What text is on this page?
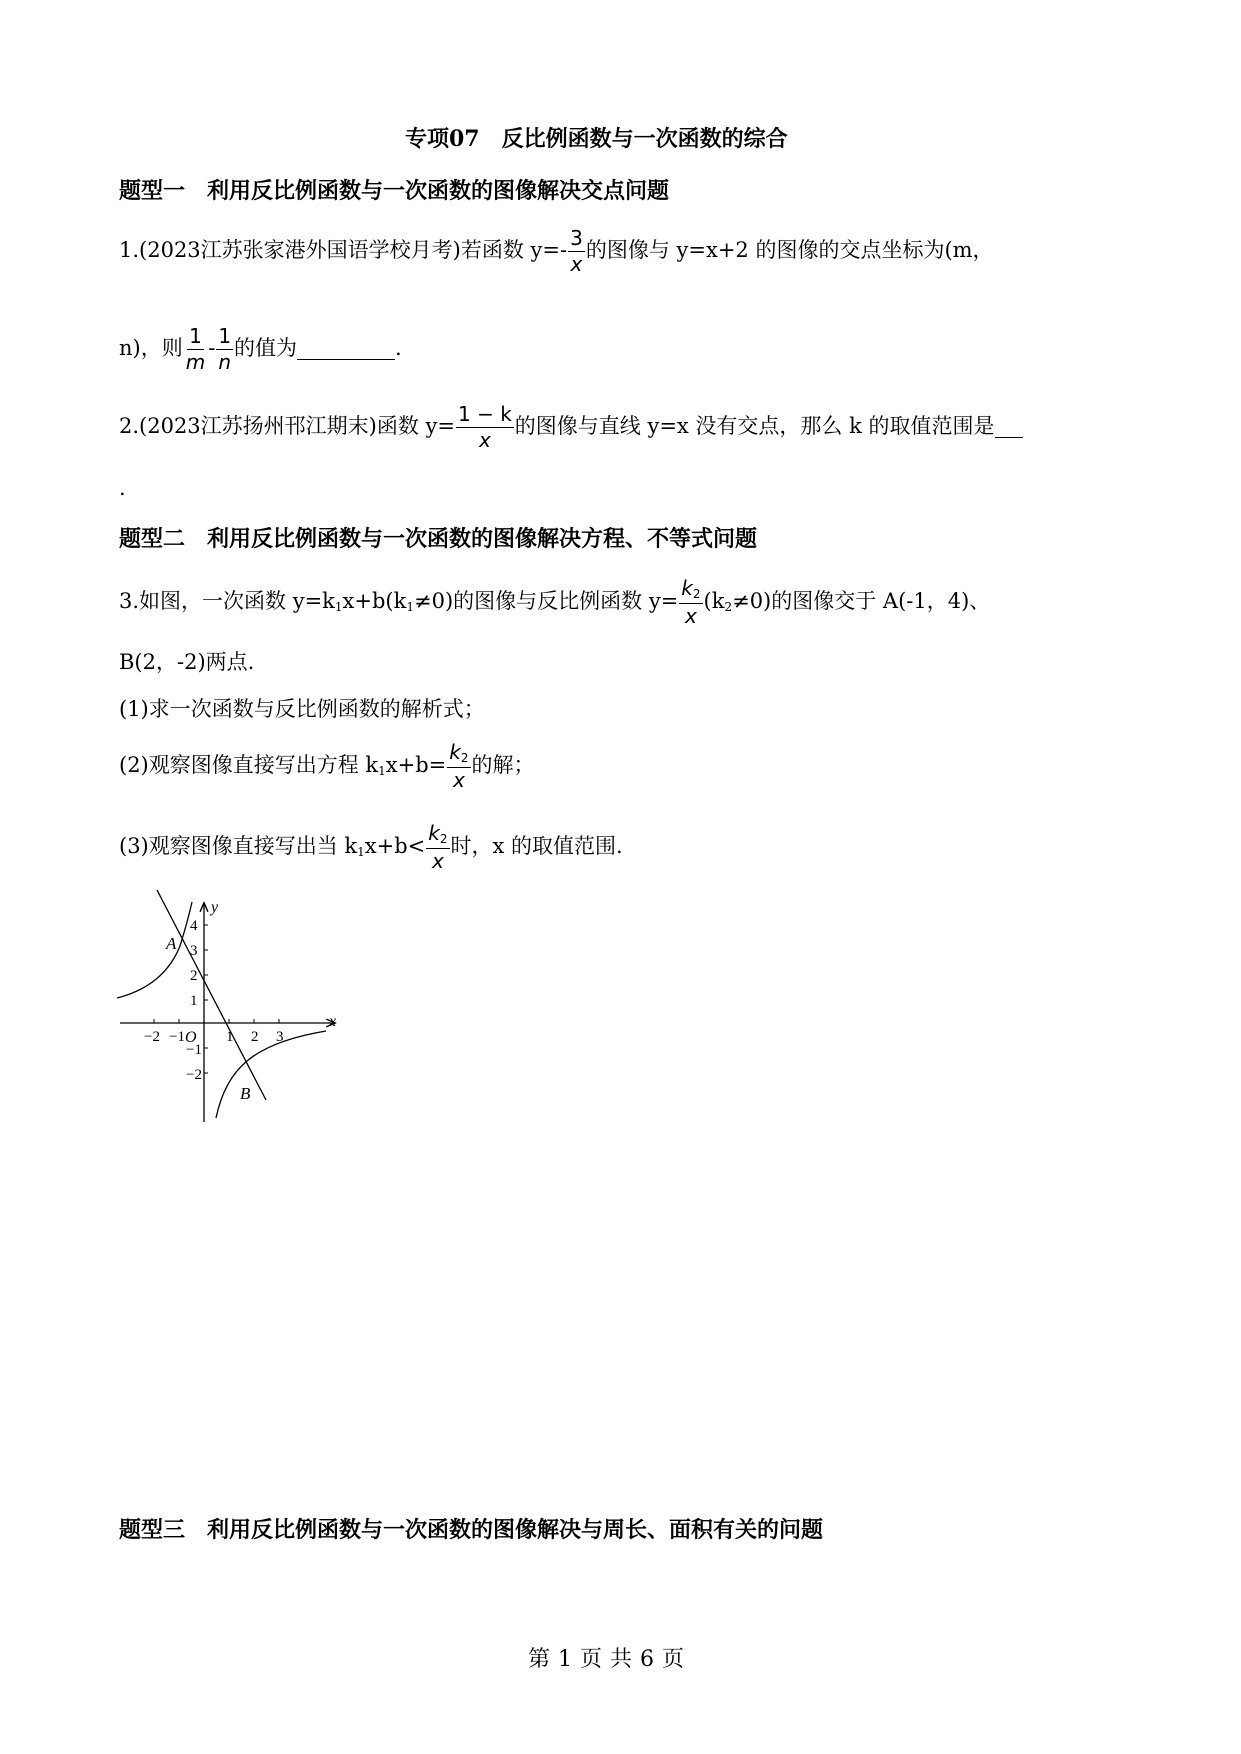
专项07　反比例函数与一次函数的综合
题型一　利用反比例函数与一次函数的图像解决交点问题
1.(2023江苏张家港外国语学校月考)若函数 $y=- \frac{3}{x}$ 的图像与 y=x+2 的图像的交点坐标为(m，
n)，则 $\frac{1}{m} - \frac{1}{n}$ 的值为	.
2.(2023江苏扬州邗江期末)函数 $y= \frac{1 - k}{x}$ 的图像与直线 y=x 没有交点，那么 k 的取值范围是
.
题型二　利用反比例函数与一次函数的图像解决方程、不等式问题
3.如图，一次函数 $y=k_1x+b(k_1\ne 0)$的图像与反比例函数 $y= \frac{k_2}{x} (k_2\ne 0)$的图像交于 A(-1，4)、
B(2，-2)两点.
(1)求一次函数与反比例函数的解析式；
(2)观察图像直接写出方程 $k_1x+b= \frac{k_2}{x}$ 的解；
(3)观察图像直接写出当 $k_1x+b< \frac{k_2}{x}$ 时，x 的取值范围.
x
y
O
−2 −1	1 2 3
4
3
2
1
−1
−2
A
B
题型三　利用反比例函数与一次函数的图像解决与周长、面积有关的问题
第 1 页 共 6 页
